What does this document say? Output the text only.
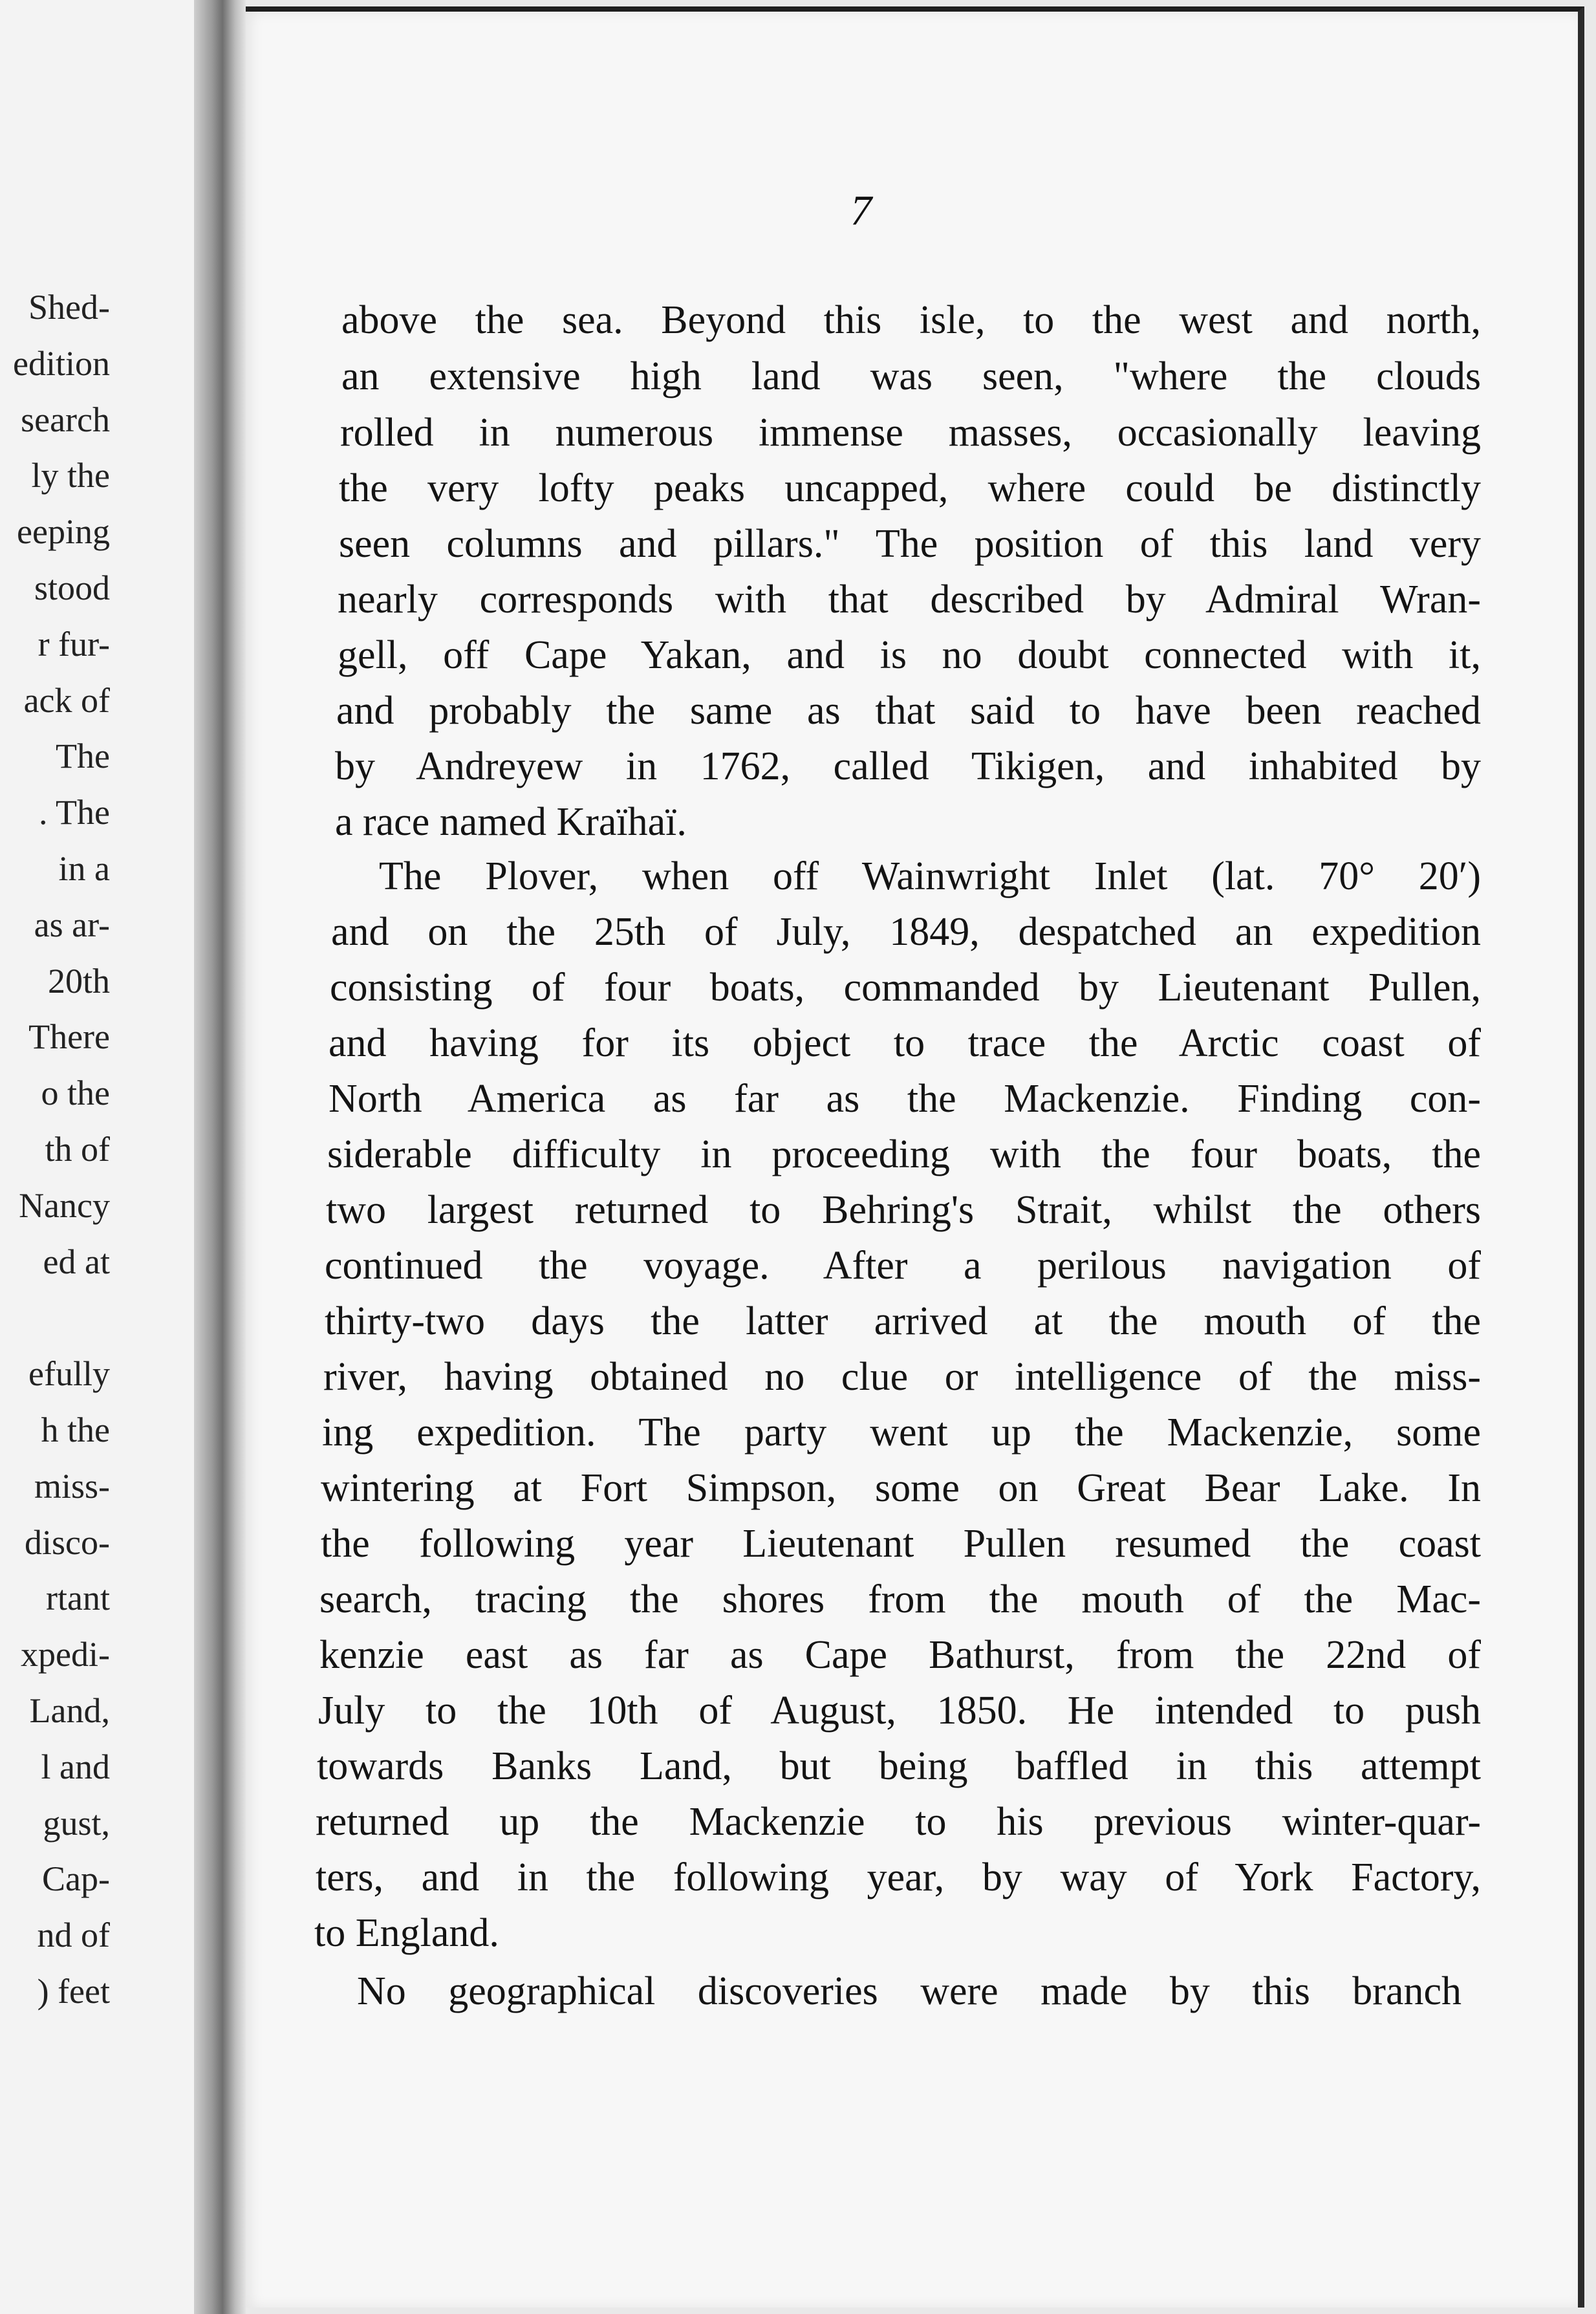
Shed-
edition
search
ly the
eeping
stood
r fur-
ack of
The
. The
in a
as ar-
20th
There
o the
th of
Nancy
ed at
efully
h the
miss-
disco-
rtant
xpedi-
Land,
l and
gust,
Cap-
nd of
) feet
7
above the sea. Beyond this isle, to the west and north,
an extensive high land was seen, "where the clouds
rolled in numerous immense masses, occasionally leaving
the very lofty peaks uncapped, where could be distinctly
seen columns and pillars." The position of this land very
nearly corresponds with that described by Admiral Wran-
gell, off Cape Yakan, and is no doubt connected with it,
and probably the same as that said to have been reached
by Andreyew in 1762, called Tikigen, and inhabited by
a race named Kraïhaï.
The Plover, when off Wainwright Inlet (lat. 70° 20′)
and on the 25th of July, 1849, despatched an expedition
consisting of four boats, commanded by Lieutenant Pullen,
and having for its object to trace the Arctic coast of
North America as far as the Mackenzie. Finding con-
siderable difficulty in proceeding with the four boats, the
two largest returned to Behring's Strait, whilst the others
continued the voyage. After a perilous navigation of
thirty-two days the latter arrived at the mouth of the
river, having obtained no clue or intelligence of the miss-
ing expedition. The party went up the Mackenzie, some
wintering at Fort Simpson, some on Great Bear Lake. In
the following year Lieutenant Pullen resumed the coast
search, tracing the shores from the mouth of the Mac-
kenzie east as far as Cape Bathurst, from the 22nd of
July to the 10th of August, 1850. He intended to push
towards Banks Land, but being baffled in this attempt
returned up the Mackenzie to his previous winter-quar-
ters, and in the following year, by way of York Factory,
to England.
No geographical discoveries were made by this branch
